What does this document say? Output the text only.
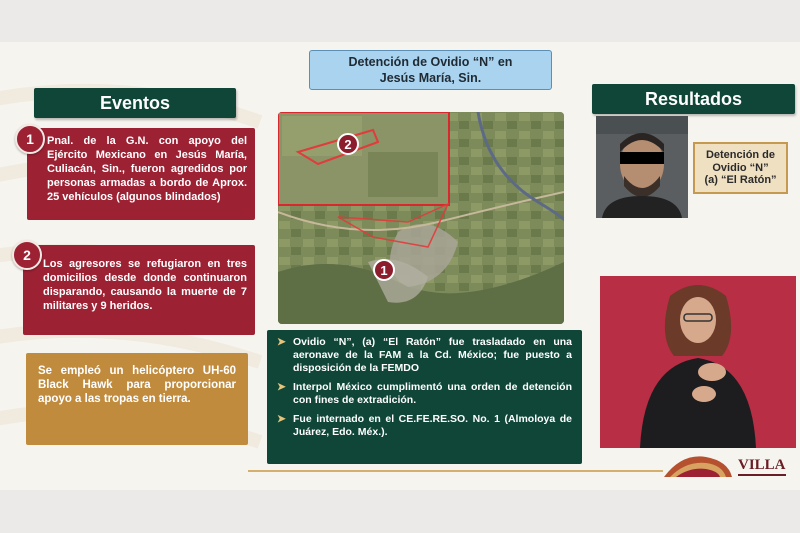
Detención de Ovidio “N” en
Jesús María, Sin.
Eventos
Pnal. de la G.N. con apoyo del Ejército Mexicano en Jesús María, Culiacán, Sin., fueron agredidos por personas armadas a bordo de Aprox. 25 vehículos (algunos blindados)
1
Los agresores se refugiaron en tres domicilios desde donde continuaron disparando, causando la muerte de 7 militares y 9 heridos.
2
Se empleó un helicóptero UH-60 Black Hawk para proporcionar apoyo a las tropas en tierra.
2
1
➤ Ovidio “N”, (a) “El Ratón” fue trasladado en una aeronave de la FAM a la Cd. México; fue puesto a disposición de la FEMDO
➤ Interpol México cumplimentó una orden de detención con fines de extradición.
➤ Fue internado en el CE.FE.RE.SO. No. 1 (Almoloya de Juárez, Edo. Méx.).
Resultados
Detención de
Ovidio “N”
(a) “El Ratón”
VILLA
